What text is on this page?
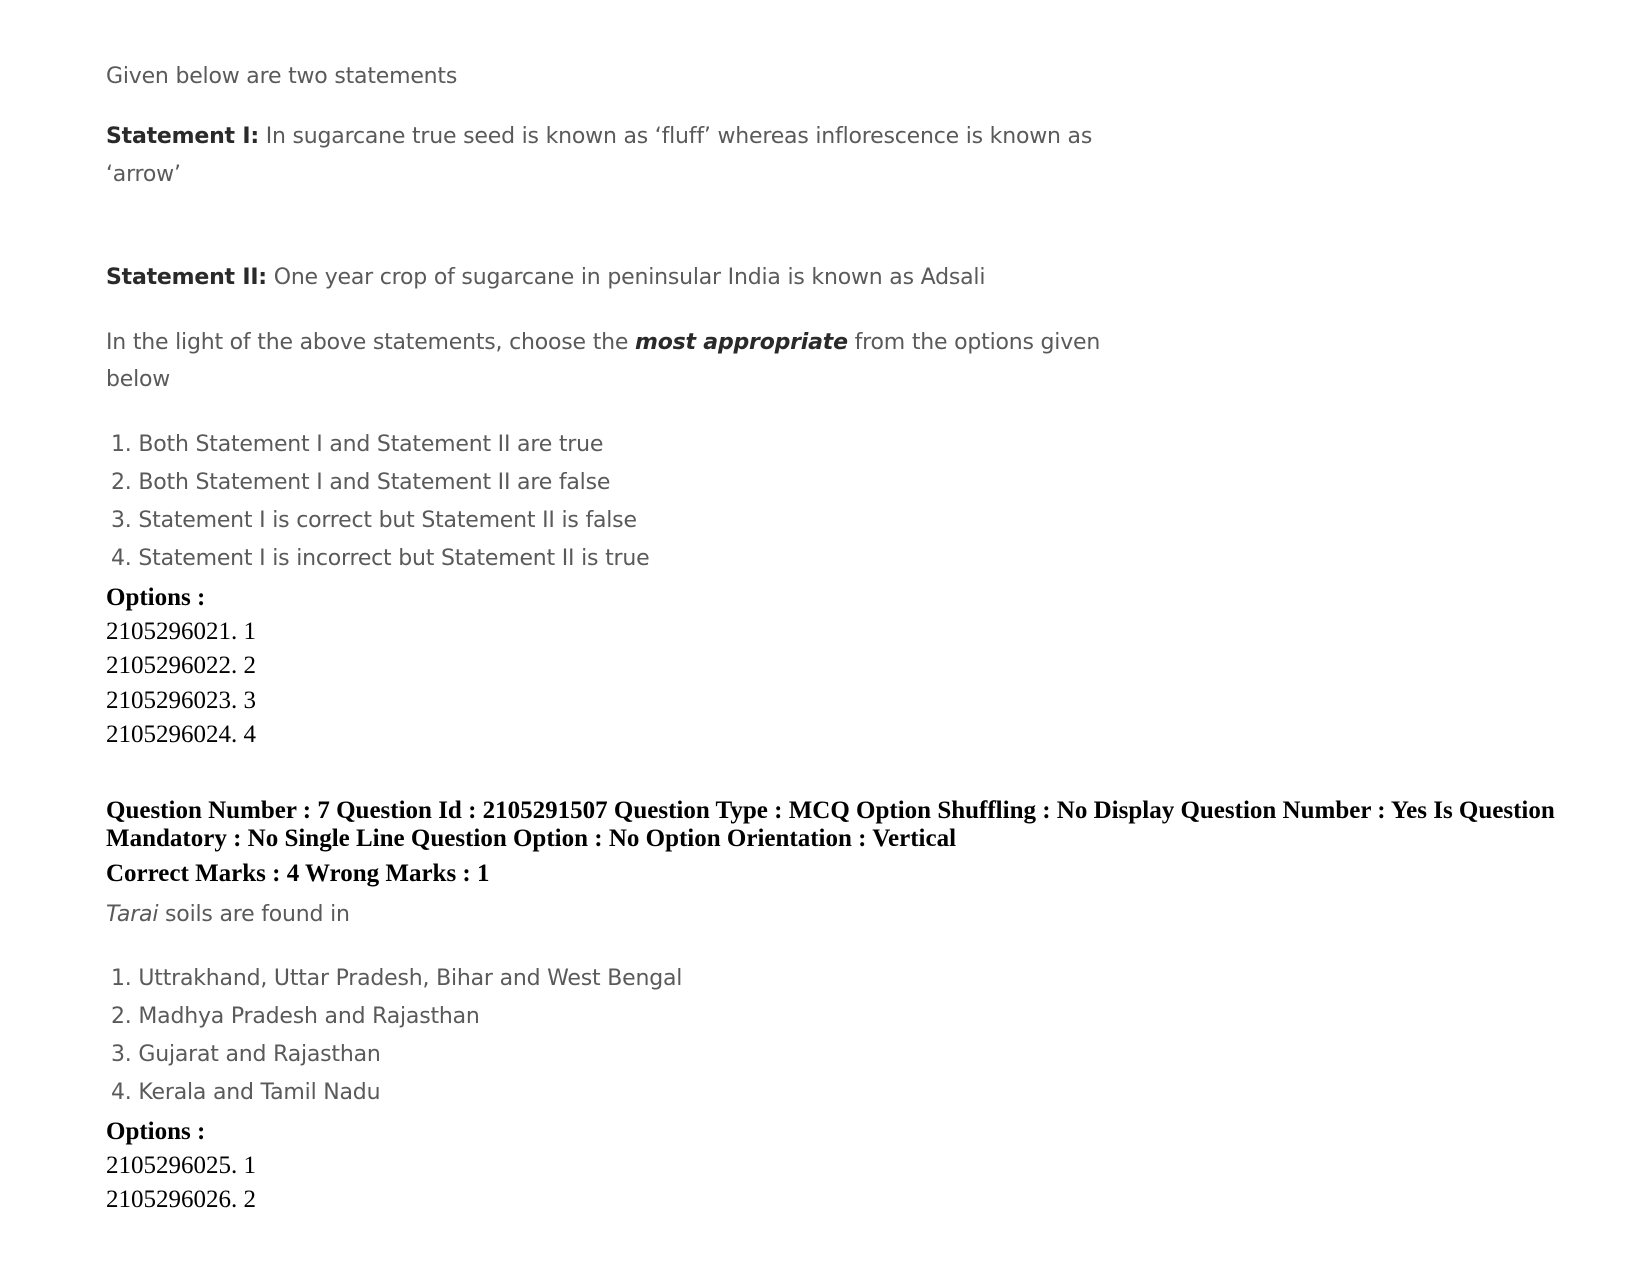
Given below are two statements
Statement I: In sugarcane true seed is known as ‘fluff’ whereas inflorescence is known as
‘arrow’
Statement II: One year crop of sugarcane in peninsular India is known as Adsali
In the light of the above statements, choose the most appropriate from the options given
below
1. Both Statement I and Statement II are true
2. Both Statement I and Statement II are false
3. Statement I is correct but Statement II is false
4. Statement I is incorrect but Statement II is true
Options :
2105296021. 1
2105296022. 2
2105296023. 3
2105296024. 4
Question Number : 7 Question Id : 2105291507 Question Type : MCQ Option Shuffling : No Display Question Number : Yes Is Question
Mandatory : No Single Line Question Option : No Option Orientation : Vertical
Correct Marks : 4 Wrong Marks : 1
Tarai soils are found in
1. Uttrakhand, Uttar Pradesh, Bihar and West Bengal
2. Madhya Pradesh and Rajasthan
3. Gujarat and Rajasthan
4. Kerala and Tamil Nadu
Options :
2105296025. 1
2105296026. 2
